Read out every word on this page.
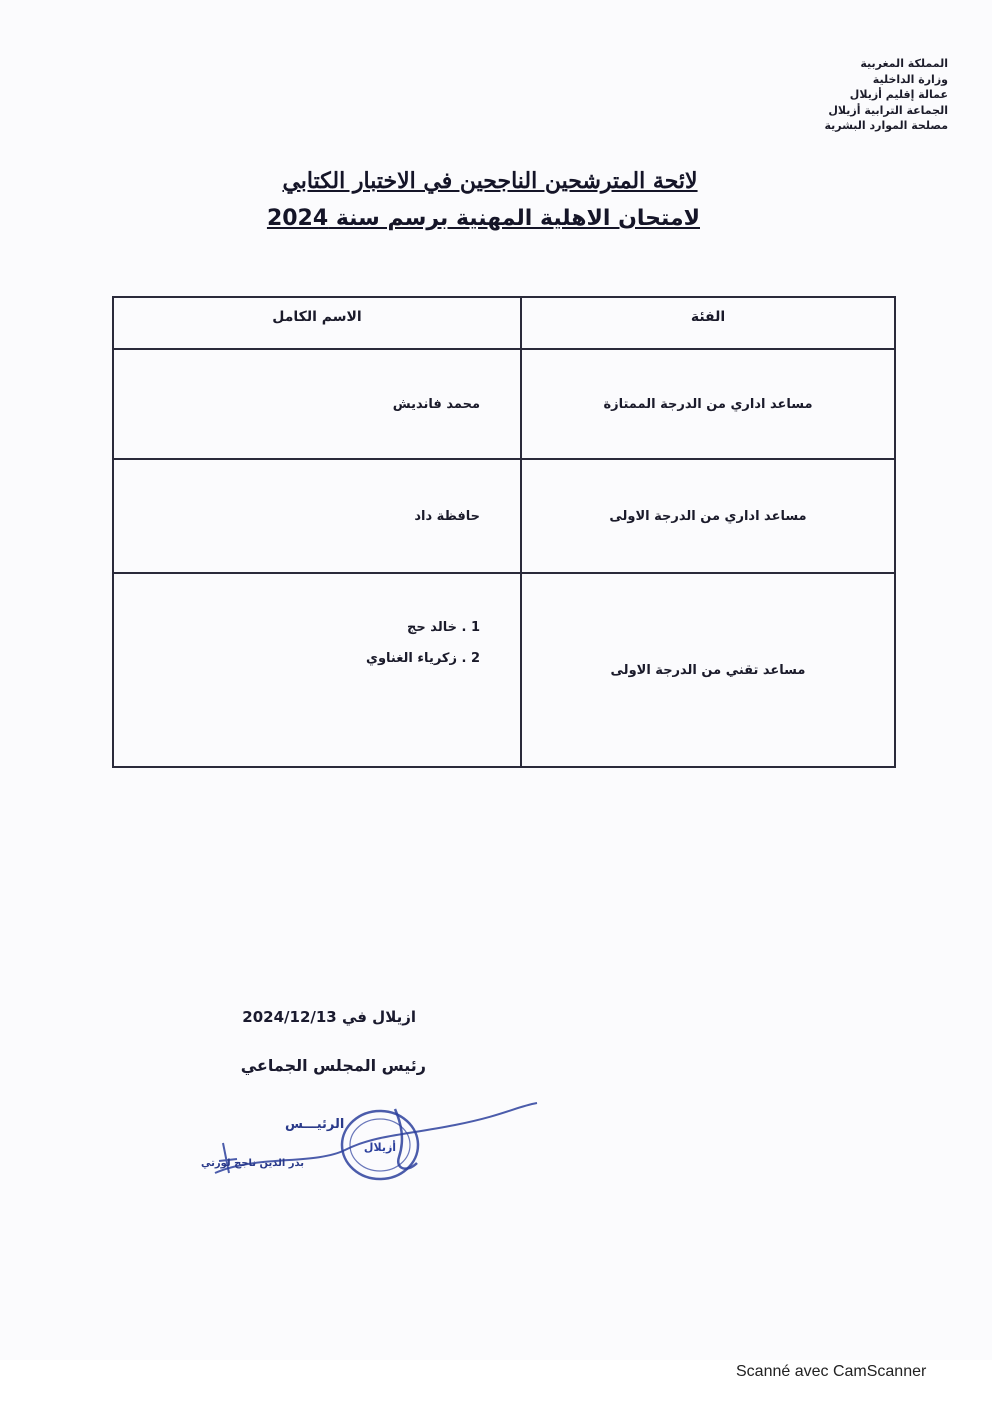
المملكة المغربية
وزارة الداخلية
عمالة إقليم أزيلال
الجماعة الترابية أزيلال
مصلحة الموارد البشرية
لائحة المترشحين الناجحين في الاختبار الكتابي
لامتحان الاهلية المهنية برسم سنة 2024
الفئة
الاسم الكامل
مساعد اداري من الدرجة الممتازة
محمد فانديش
مساعد اداري من الدرجة الاولى
حافظة داد
مساعد تقني من الدرجة الاولى
1 . خالد حج
2 . زكرياء الغناوي
ازيلال في 2024/12/13
رئيس المجلس الجماعي
أزيلال
الرئيـــس
بدر الدين ناجح لورتي
Scanné avec CamScanner
